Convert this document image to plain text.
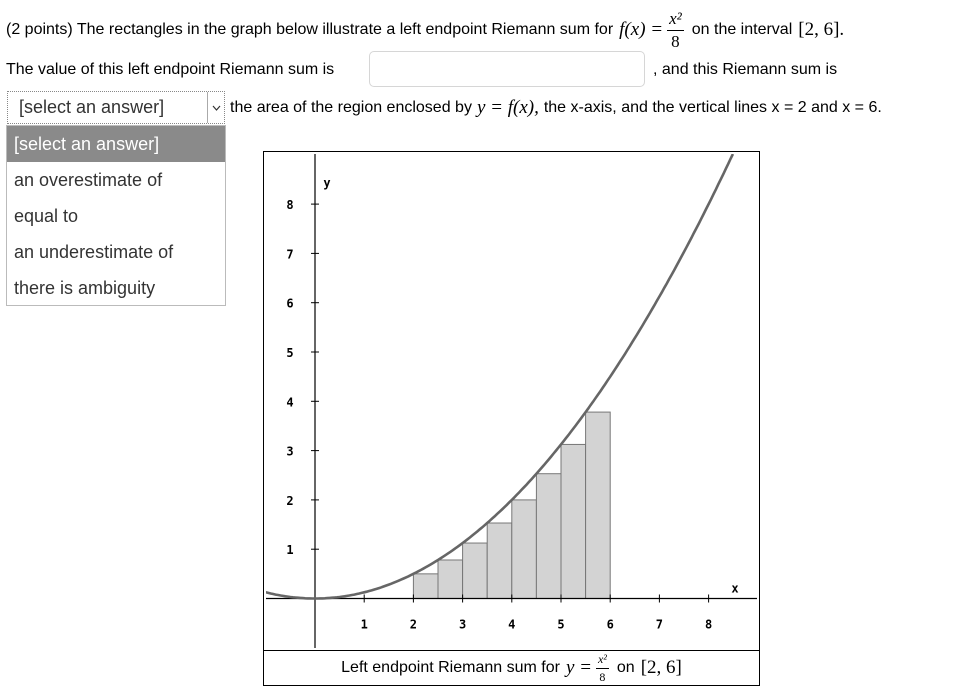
(2 points) The rectangles in the graph below illustrate a left endpoint Riemann sum for $f(x) = \frac{\text{x²}}{8}$ on the interval [2, 6].
The value of this left endpoint Riemann sum is	, and this Riemann sum is
[select an answer]	the area of the region enclosed by y = f(x), the x-axis, and the vertical lines x = 2 and x = 6.
[select an answer]
an overestimate of
equal to
an underestimate of
there is ambiguity
1	2	3	4	5	6	7	8
1
2
3
4
5
6
7
8
x
y
Left endpoint Riemann sum for $y = \frac{\text{x²}}{8}$ on [2, 6]
